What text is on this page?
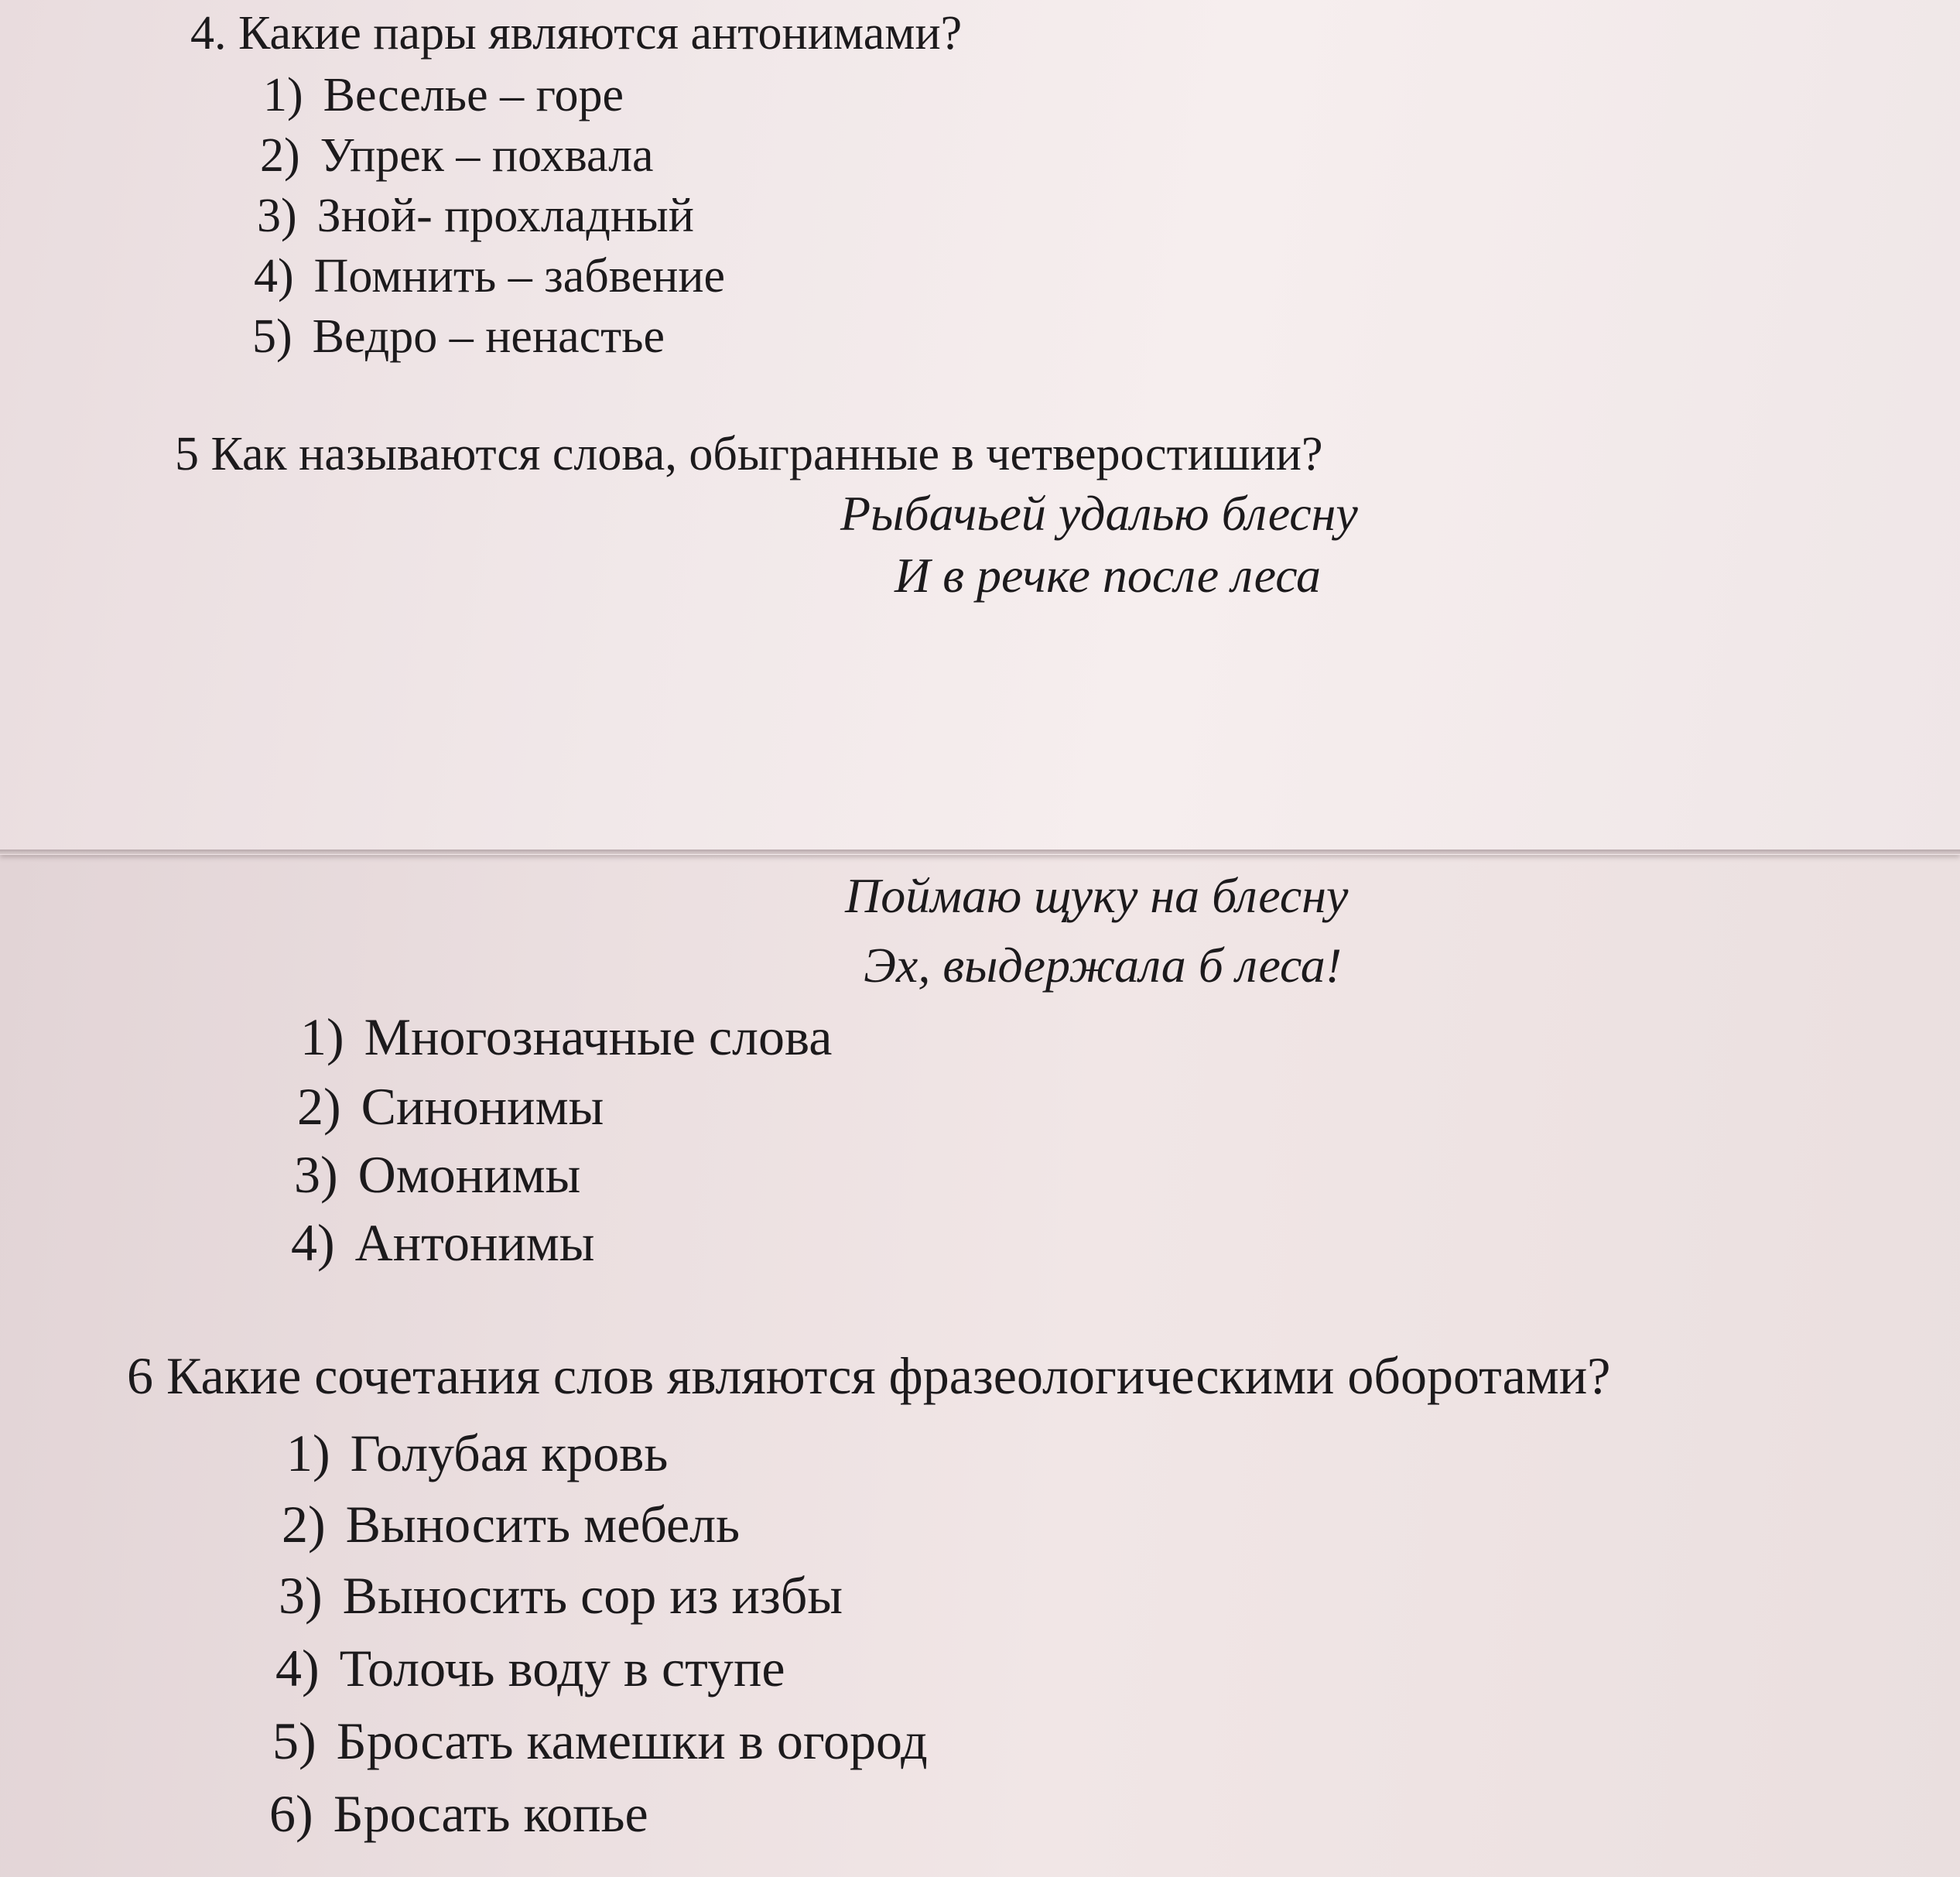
4. Какие пары являются антонимами?
1) Веселье – горе
2) Упрек – похвала
3) Зной- прохладный
4) Помнить – забвение
5) Ведро – ненастье
5 Как называются слова, обыгранные в четверостишии?
Рыбачьей удалью блесну
И в речке после леса
Поймаю щуку на блесну
Эх, выдержала б леса!
1) Многозначные слова
2) Синонимы
3) Омонимы
4) Антонимы
6 Какие сочетания слов являются фразеологическими оборотами?
1) Голубая кровь
2) Выносить мебель
3) Выносить сор из избы
4) Толочь воду в ступе
5) Бросать камешки в огород
6) Бросать копье
